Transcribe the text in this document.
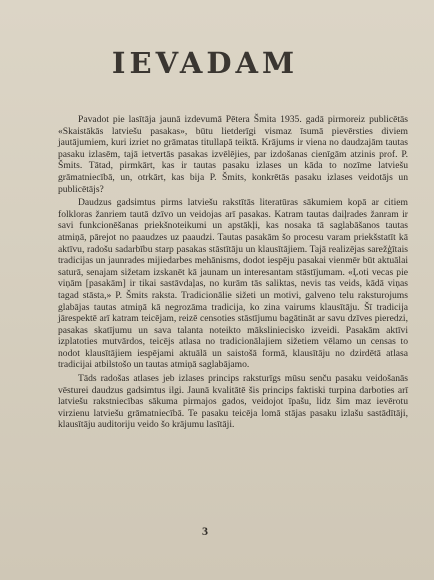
IEVADAM

Pavadot pie lasītāja jaunā izdevumā Pētera Šmita 1935. gadā pirmoreiz publicētās «Skaistākās latviešu pasakas», būtu lietderīgi vismaz īsumā pievērsties diviem jautājumiem, kuri izriet no grāmatas titullapā teiktā. Krājums ir viena no daudzajām tautas pasaku izlasēm, tajā ietvertās pasakas izvēlējies, par izdošanas cienīgām atzinis prof. P. Šmits. Tātad, pirmkārt, kas ir tautas pasaku izlases un kāda to nozīme latviešu grāmatniecībā, un, otrkārt, kas bija P. Šmits, konkrētās pasaku izlases veidotājs un publicētājs?

Daudzus gadsimtus pirms latviešu rakstītās literatūras sākumiem kopā ar citiem folkloras žanriem tautā dzīvo un veidojas arī pasakas. Katram tautas daiļrades žanram ir savi funkcionēšanas priekšnoteikumi un apstākļi, kas nosaka tā saglabāšanos tautas atmiņā, pārejot no paaudzes uz paaudzi. Tautas pasakām šo procesu varam priekšstatīt kā aktīvu, radošu sadarbību starp pasakas stāstītāju un klausītājiem. Tajā realizējas sarežģītais tradicijas un jaunrades mijiedarbes mehānisms, dodot iespēju pasakai vienmēr būt aktuālai saturā, senajam sižetam izskanēt kā jaunam un interesantam stāstījumam. «Ļoti vecas pie viņām [pasakām] ir tikai sastāvdaļas, no kurām tās saliktas, nevis tas veids, kādā viņas tagad stāsta,» P. Šmits raksta. Tradicionālie sižeti un motivi, galveno telu raksturojums glabājas tautas atmiņā kā negrozāma tradicija, ko zina vairums klausītāju. Šī tradicija jārespektē arī katram teicējam, reizē censoties stāstījumu bagātināt ar savu dzīves pieredzi, pasakas skatījumu un sava talanta noteikto mākslinieciskо izveidi. Pasakām aktīvi izplatoties mutvārdos, teicējs atlasa no tradicionālajiem sižetiem vēlamo un censas to nodot klausītājiem iespējami aktuālā un saistošā formā, klausītāju no dzirdētā atlasa tradicijai atbilstošo un tautas atmiņā saglabājamo.

Tāds radošas atlases jeb izlases princips raksturīgs mūsu senču pasaku veidošanās vēsturei daudzus gadsimtus ilgi. Jaunā kvalitātē šis princips faktiski turpina darboties arī latviešu rakstniecības sākuma pirmajos gados, veidojot īpašu, lidz šim maz ievērotu virzienu latviešu grāmatniecībā. Te pasaku teicēja lomā stājas pasaku izlašu sastādītāji, klausītāju auditoriju veido šo krājumu lasītāji.

3
